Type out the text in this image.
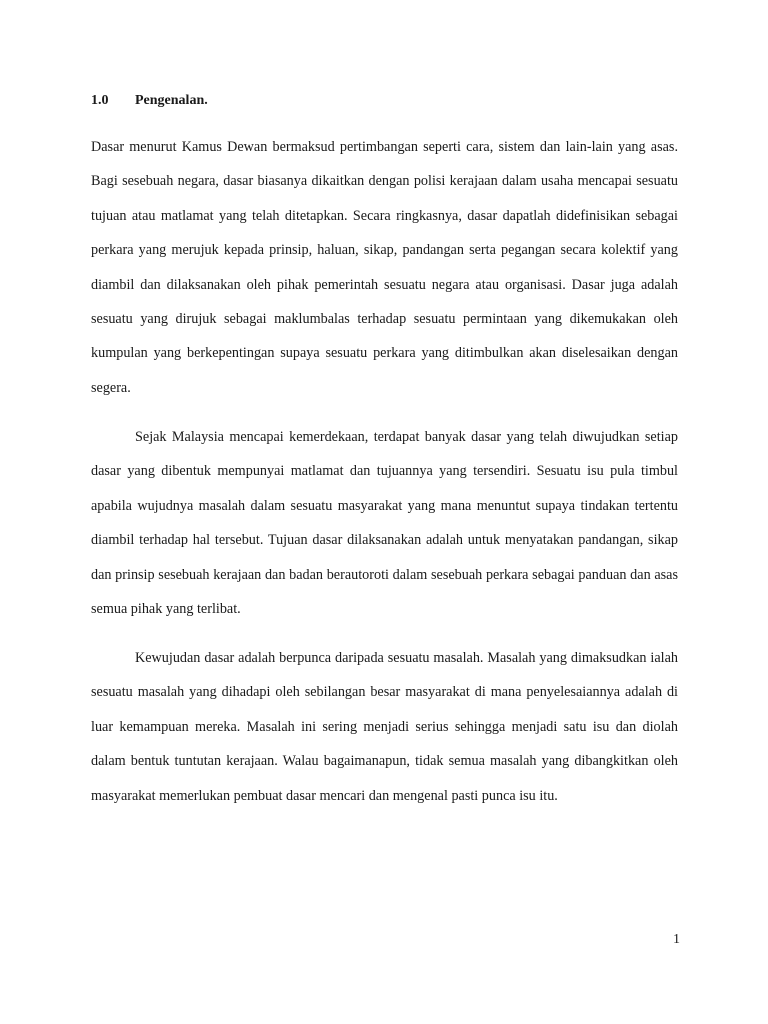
1.0 Pengenalan.

Dasar menurut Kamus Dewan bermaksud pertimbangan seperti cara, sistem dan lain-lain yang asas. Bagi sesebuah negara, dasar biasanya dikaitkan dengan polisi kerajaan dalam usaha mencapai sesuatu tujuan atau matlamat yang telah ditetapkan. Secara ringkasnya, dasar dapatlah didefinisikan sebagai perkara yang merujuk kepada prinsip, haluan, sikap, pandangan serta pegangan secara kolektif yang diambil dan dilaksanakan oleh pihak pemerintah sesuatu negara atau organisasi. Dasar juga adalah sesuatu yang dirujuk sebagai maklumbalas terhadap sesuatu permintaan yang dikemukakan oleh kumpulan yang berkepentingan supaya sesuatu perkara yang ditimbulkan akan diselesaikan dengan segera.

Sejak Malaysia mencapai kemerdekaan, terdapat banyak dasar yang telah diwujudkan setiap dasar yang dibentuk mempunyai matlamat dan tujuannya yang tersendiri. Sesuatu isu pula timbul apabila wujudnya masalah dalam sesuatu masyarakat yang mana menuntut supaya tindakan tertentu diambil terhadap hal tersebut. Tujuan dasar dilaksanakan adalah untuk menyatakan pandangan, sikap dan prinsip sesebuah kerajaan dan badan berautoroti dalam sesebuah perkara sebagai panduan dan asas semua pihak yang terlibat.

Kewujudan dasar adalah berpunca daripada sesuatu masalah. Masalah yang dimaksudkan ialah sesuatu masalah yang dihadapi oleh sebilangan besar masyarakat di mana penyelesaiannya adalah di luar kemampuan mereka. Masalah ini sering menjadi serius sehingga menjadi satu isu dan diolah dalam bentuk tuntutan kerajaan. Walau bagaimanapun, tidak semua masalah yang dibangkitkan oleh masyarakat memerlukan pembuat dasar mencari dan mengenal pasti punca isu itu.

1
